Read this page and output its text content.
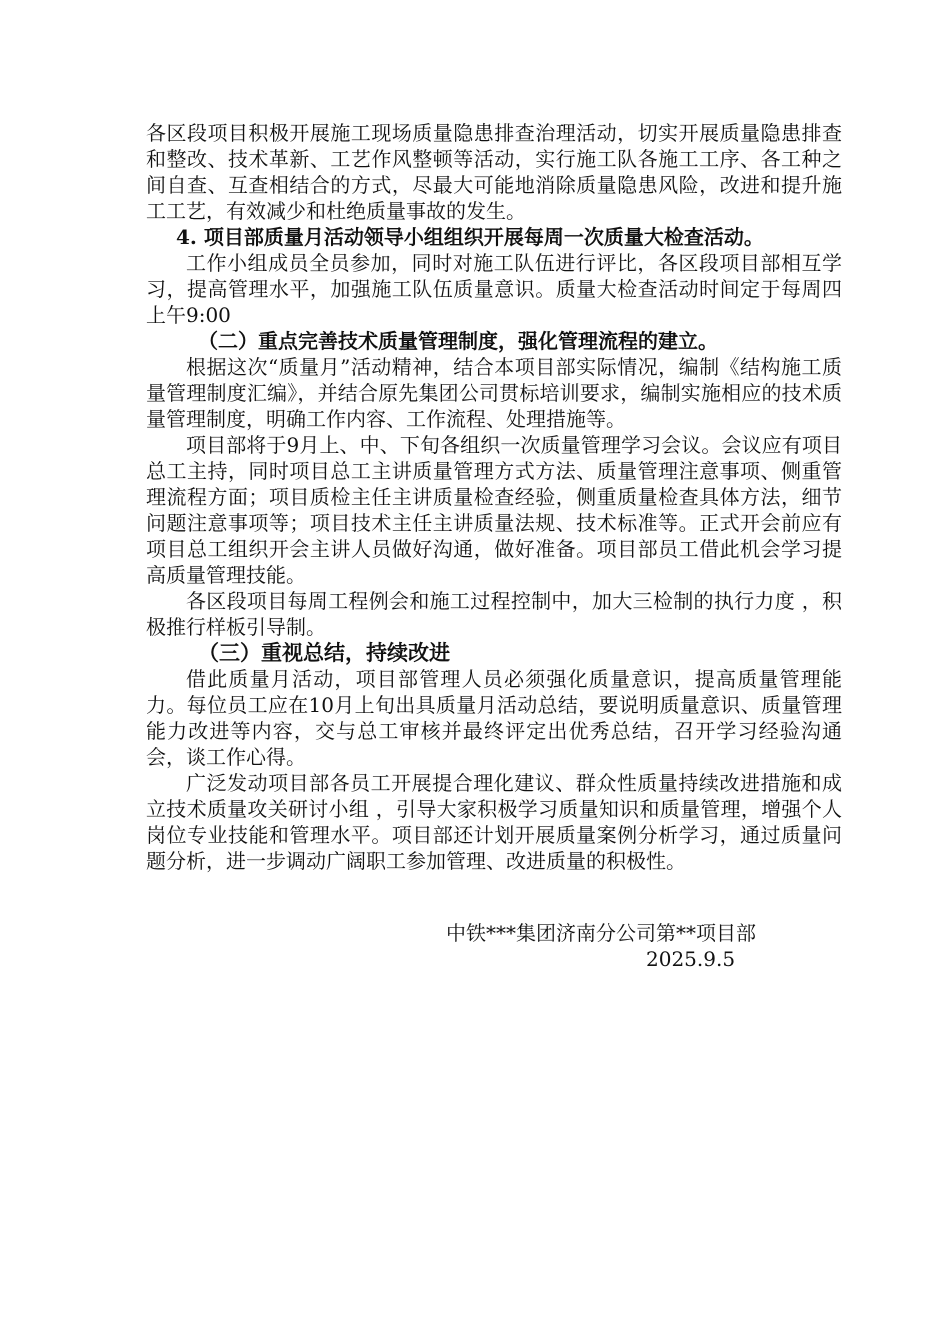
各区段项目积极开展施工现场质量隐患排查治理活动，切实开展质量隐患排查和整改、技术革新、工艺作风整顿等活动，实行施工队各施工工序、各工种之间自查、互查相结合的方式，尽最大可能地消除质量隐患风险，改进和提升施工工艺，有效减少和杜绝质量事故的发生。

4. 项目部质量月活动领导小组组织开展每周一次质量大检查活动。

工作小组成员全员参加，同时对施工队伍进行评比，各区段项目部相互学习，提高管理水平，加强施工队伍质量意识。质量大检查活动时间定于每周四上午9:00

（二）重点完善技术质量管理制度，强化管理流程的建立。

根据这次“质量月”活动精神，结合本项目部实际情况，编制《结构施工质量管理制度汇编》，并结合原先集团公司贯标培训要求，编制实施相应的技术质量管理制度，明确工作内容、工作流程、处理措施等。

项目部将于9月上、中、下旬各组织一次质量管理学习会议。会议应有项目总工主持，同时项目总工主讲质量管理方式方法、质量管理注意事项、侧重管理流程方面；项目质检主任主讲质量检查经验，侧重质量检查具体方法，细节问题注意事项等；项目技术主任主讲质量法规、技术标准等。正式开会前应有项目总工组织开会主讲人员做好沟通，做好准备。项目部员工借此机会学习提高质量管理技能。

各区段项目每周工程例会和施工过程控制中，加大三检制的执行力度 ，积极推行样板引导制。

（三）重视总结，持续改进

借此质量月活动，项目部管理人员必须强化质量意识，提高质量管理能力。每位员工应在10月上旬出具质量月活动总结，要说明质量意识、质量管理能力改进等内容，交与总工审核并最终评定出优秀总结，召开学习经验沟通会，谈工作心得。

广泛发动项目部各员工开展提合理化建议、群众性质量持续改进措施和成立技术质量攻关研讨小组 ，引导大家积极学习质量知识和质量管理，增强个人岗位专业技能和管理水平。项目部还计划开展质量案例分析学习，通过质量问题分析，进一步调动广阔职工参加管理、改进质量的积极性。

中铁***集团济南分公司第**项目部

2025.9.5
